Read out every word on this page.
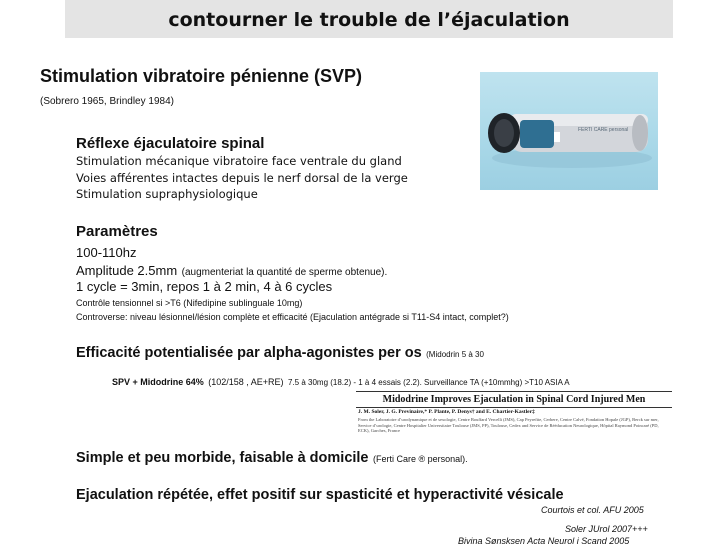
contourner le trouble de l’éjaculation
Stimulation vibratoire pénienne (SVP)
(Sobrero 1965, Brindley 1984)
FERTI CARE personal
Réflexe éjaculatoire spinal
Stimulation mécanique vibratoire face ventrale du gland
Voies afférentes intactes depuis le nerf dorsal de la verge
Stimulation supraphysiologique
Paramètres
100-110hz
Amplitude 2.5mm (augmenteriat la quantité de sperme obtenue).
1 cycle = 3min, repos 1 à 2 min, 4 à 6 cycles
Contrôle tensionnel si >T6 (Nifedipine sublinguale 10mg)
Controverse: niveau lésionnel/lésion complète et efficacité (Ejaculation antégrade si T11-S4 intact, complet?)
Efficacité potentialisée par alpha-agonistes per os (Midodrin 5 à 30
SPV + Midodrine 64% (102/158 , AE+RE) 7.5 à 30mg (18.2) - 1 à 4 essais (2.2). Surveillance TA (+10mmhg) >T10 ASIA A
Midodrine Improves Ejaculation in Spinal Cord Injured Men
J. M. Soler, J. G. Previnaire,* P. Plante, P. Denys† and E. Chartier-Kastler‡
From the Laboratoire d’urodynamique et de sexologie, Centre Bouffard Vercelli (JMS), Cap Peyrefite, Cerbere, Centre Calvé, Fondation Hopale (JGP), Berck sur mer, Service d’urologie, Centre Hospitalier Universitaire Toulouse (JMS, PP), Toulouse, Cedex and Service de Rééducation Neurologique, Hôpital Raymond Poincaré (PD, ECK), Garches, France
Simple et peu morbide, faisable à domicile (Ferti Care ® personal).
Ejaculation répétée, effet positif sur spasticité et hyperactivité vésicale
Courtois et col. AFU 2005
Soler JUrol 2007+++
Bivina Sønsksen Acta Neurol i Scand 2005
